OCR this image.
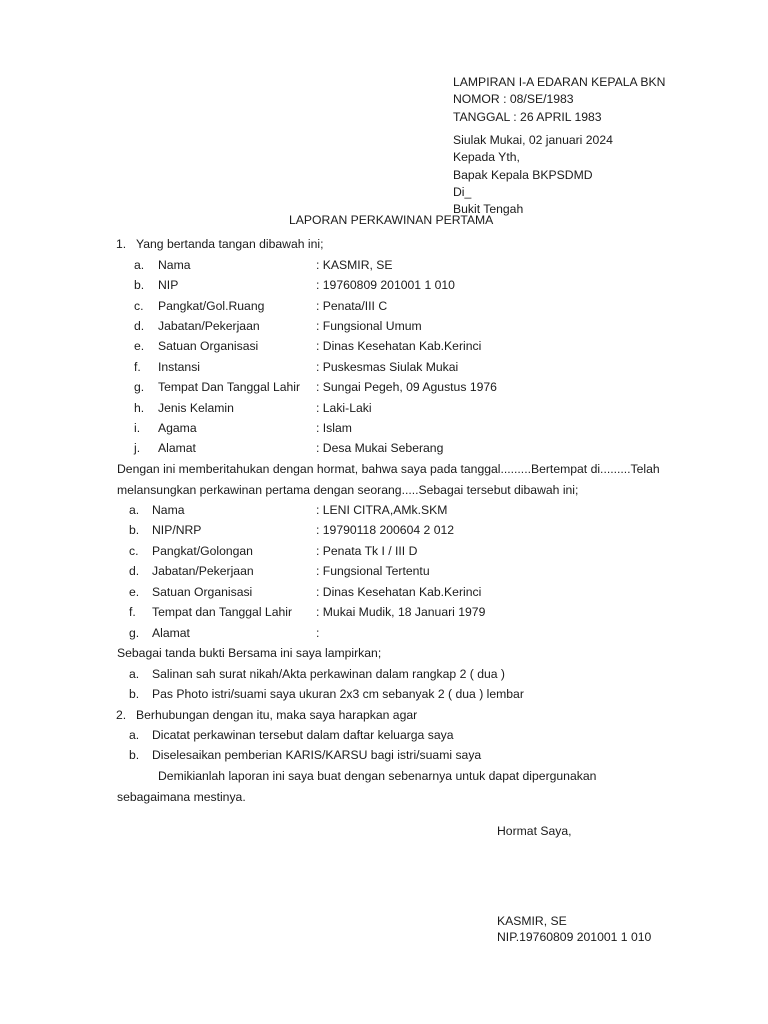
LAMPIRAN I-A EDARAN KEPALA BKN
NOMOR : 08/SE/1983
TANGGAL : 26 APRIL 1983
Siulak Mukai, 02 januari 2024
Kepada Yth,
Bapak Kepala BKPSDMD
Di_
Bukit Tengah
LAPORAN PERKAWINAN PERTAMA
1. Yang bertanda tangan dibawah ini;
a. Nama	: KASMIR, SE
b. NIP	: 19760809 201001 1 010
c. Pangkat/Gol.Ruang	: Penata/III C
d. Jabatan/Pekerjaan	: Fungsional Umum
e. Satuan Organisasi	: Dinas Kesehatan Kab.Kerinci
f. Instansi	: Puskesmas Siulak Mukai
g. Tempat Dan Tanggal Lahir : Sungai Pegeh, 09 Agustus 1976
h. Jenis Kelamin	: Laki-Laki
i. Agama	: Islam
j. Alamat	: Desa Mukai Seberang
Dengan ini memberitahukan dengan hormat, bahwa saya pada tanggal.........Bertempat di.........Telah
melansungkan perkawinan pertama dengan seorang.....Sebagai tersebut dibawah ini;
a. Nama	: LENI CITRA,AMk.SKM
b. NIP/NRP	: 19790118 200604 2 012
c. Pangkat/Golongan	: Penata Tk I / III D
d. Jabatan/Pekerjaan	: Fungsional Tertentu
e. Satuan Organisasi	: Dinas Kesehatan Kab.Kerinci
f. Tempat dan Tanggal Lahir : Mukai Mudik, 18 Januari 1979
g. Alamat	:
Sebagai tanda bukti Bersama ini saya lampirkan;
a. Salinan sah surat nikah/Akta perkawinan dalam rangkap 2 ( dua )
b. Pas Photo istri/suami saya ukuran 2x3 cm sebanyak 2 ( dua ) lembar
2. Berhubungan dengan itu, maka saya harapkan agar
a. Dicatat perkawinan tersebut dalam daftar keluarga saya
b. Diselesaikan pemberian KARIS/KARSU bagi istri/suami saya
Demikianlah laporan ini saya buat dengan sebenarnya untuk dapat dipergunakan
sebagaimana mestinya.
Hormat Saya,
KASMIR, SE
NIP.19760809 201001 1 010
